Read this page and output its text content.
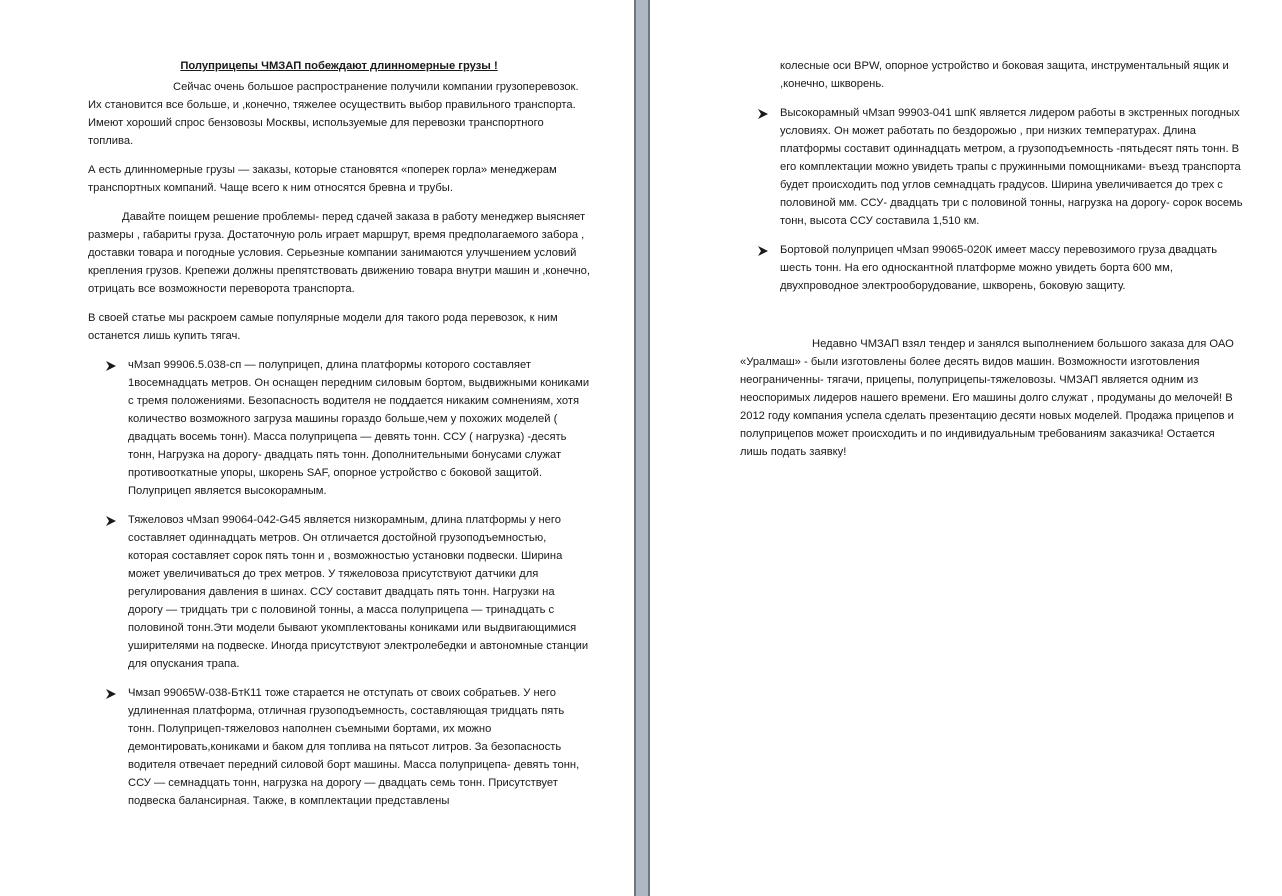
Полуприцепы ЧМЗАП побеждают длинномерные грузы !

Сейчас очень большое распространение получили компании грузоперевозок. Их становится все больше, и ,конечно, тяжелее осуществить выбор правильного транспорта. Имеют хороший спрос бензовозы Москвы, используемые для перевозки транспортного топлива.

А есть длинномерные грузы — заказы, которые становятся «поперек горла» менеджерам транспортных компаний. Чаще всего к ним относятся бревна и трубы.

Давайте поищем решение проблемы- перед сдачей заказа в работу менеджер выясняет размеры , габариты груза. Достаточную роль играет маршрут, время предполагаемого забора , доставки товара и погодные условия. Серьезные компании занимаются улучшением условий крепления грузов. Крепежи должны препятствовать движению товара внутри машин и ,конечно, отрицать все возможности переворота транспорта.

В своей статье мы раскроем самые популярные модели для такого рода перевозок, к ним останется лишь купить тягач.

чМзап 99906.5.038-сп — полуприцеп, длина платформы которого составляет 1восемнадцать метров. Он оснащен передним силовым бортом, выдвижными кониками с тремя положениями. Безопасность водителя не поддается никаким сомнениям, хотя количество возможного загруза машины гораздо больше,чем у похожих моделей ( двадцать восемь тонн). Масса полуприцепа — девять тонн. ССУ ( нагрузка) -десять тонн, Нагрузка на дорогу- двадцать пять тонн. Дополнительными бонусами служат противооткатные упоры, шкорень SAF, опорное устройство с боковой защитой. Полуприцеп является высокорамным.
Тяжеловоз чМзап 99064-042-G45 является низкорамным, длина платформы у него составляет одиннадцать метров. Он отличается достойной грузоподъемностью, которая составляет сорок пять тонн и , возможностью установки подвески. Ширина может увеличиваться до трех метров. У тяжеловоза присутствуют датчики для регулирования давления в шинах. ССУ составит двадцать пять тонн. Нагрузки на дорогу — тридцать три с половиной тонны, а масса полуприцепа — тринадцать с половиной тонн.Эти модели бывают укомплектованы кониками или выдвигающимися уширителями на подвеске. Иногда присутствуют электролебедки и автономные станции для опускания трапа.
Чмзап 99065W-038-БтК11 тоже старается не отступать от своих собратьев. У него удлиненная платформа, отличная грузоподъемность, составляющая тридцать пять тонн. Полуприцеп-тяжеловоз наполнен съемными бортами, их можно демонтировать,кониками и баком для топлива на пятьсот литров. За безопасность водителя отвечает передний силовой борт машины. Масса полуприцепа- девять тонн, ССУ — семнадцать тонн, нагрузка на дорогу — двадцать семь тонн. Присутствует подвеска балансирная. Также, в комплектации представлены
колесные оси BPW, опорное устройство и боковая защита, инструментальный ящик и ,конечно, шкворень.
Высокорамный чМзап 99903-041 шпК является лидером работы в экстренных погодных условиях. Он может работать по бездорожью , при низких температурах. Длина платформы составит одиннадцать метром, а грузоподъемность -пятьдесят пять тонн. В его комплектации можно увидеть трапы с пружинными помощниками- въезд транспорта будет происходить под углов семнадцать градусов. Ширина увеличивается до трех с половиной мм. ССУ- двадцать три с половиной тонны, нагрузка на дорогу- сорок восемь тонн, высота ССУ составила 1,510 км.
Бортовой полуприцеп чМзап 99065-020К имеет массу перевозимого груза двадцать шесть тонн. На его односкантной платформе можно увидеть борта 600 мм, двухпроводное электрооборудование, шкворень, боковую защиту.

Недавно ЧМЗАП взял тендер и занялся выполнением большого заказа для ОАО «Уралмаш» - были изготовлены более десять видов машин. Возможности изготовления неограниченны- тягачи, прицепы, полуприцепы-тяжеловозы. ЧМЗАП является одним из неоспоримых лидеров нашего времени. Его машины долго служат , продуманы до мелочей! В 2012 году компания успела сделать презентацию десяти новых моделей. Продажа прицепов и полуприцепов может происходить и по индивидуальным требованиям заказчика! Остается лишь подать заявку!
